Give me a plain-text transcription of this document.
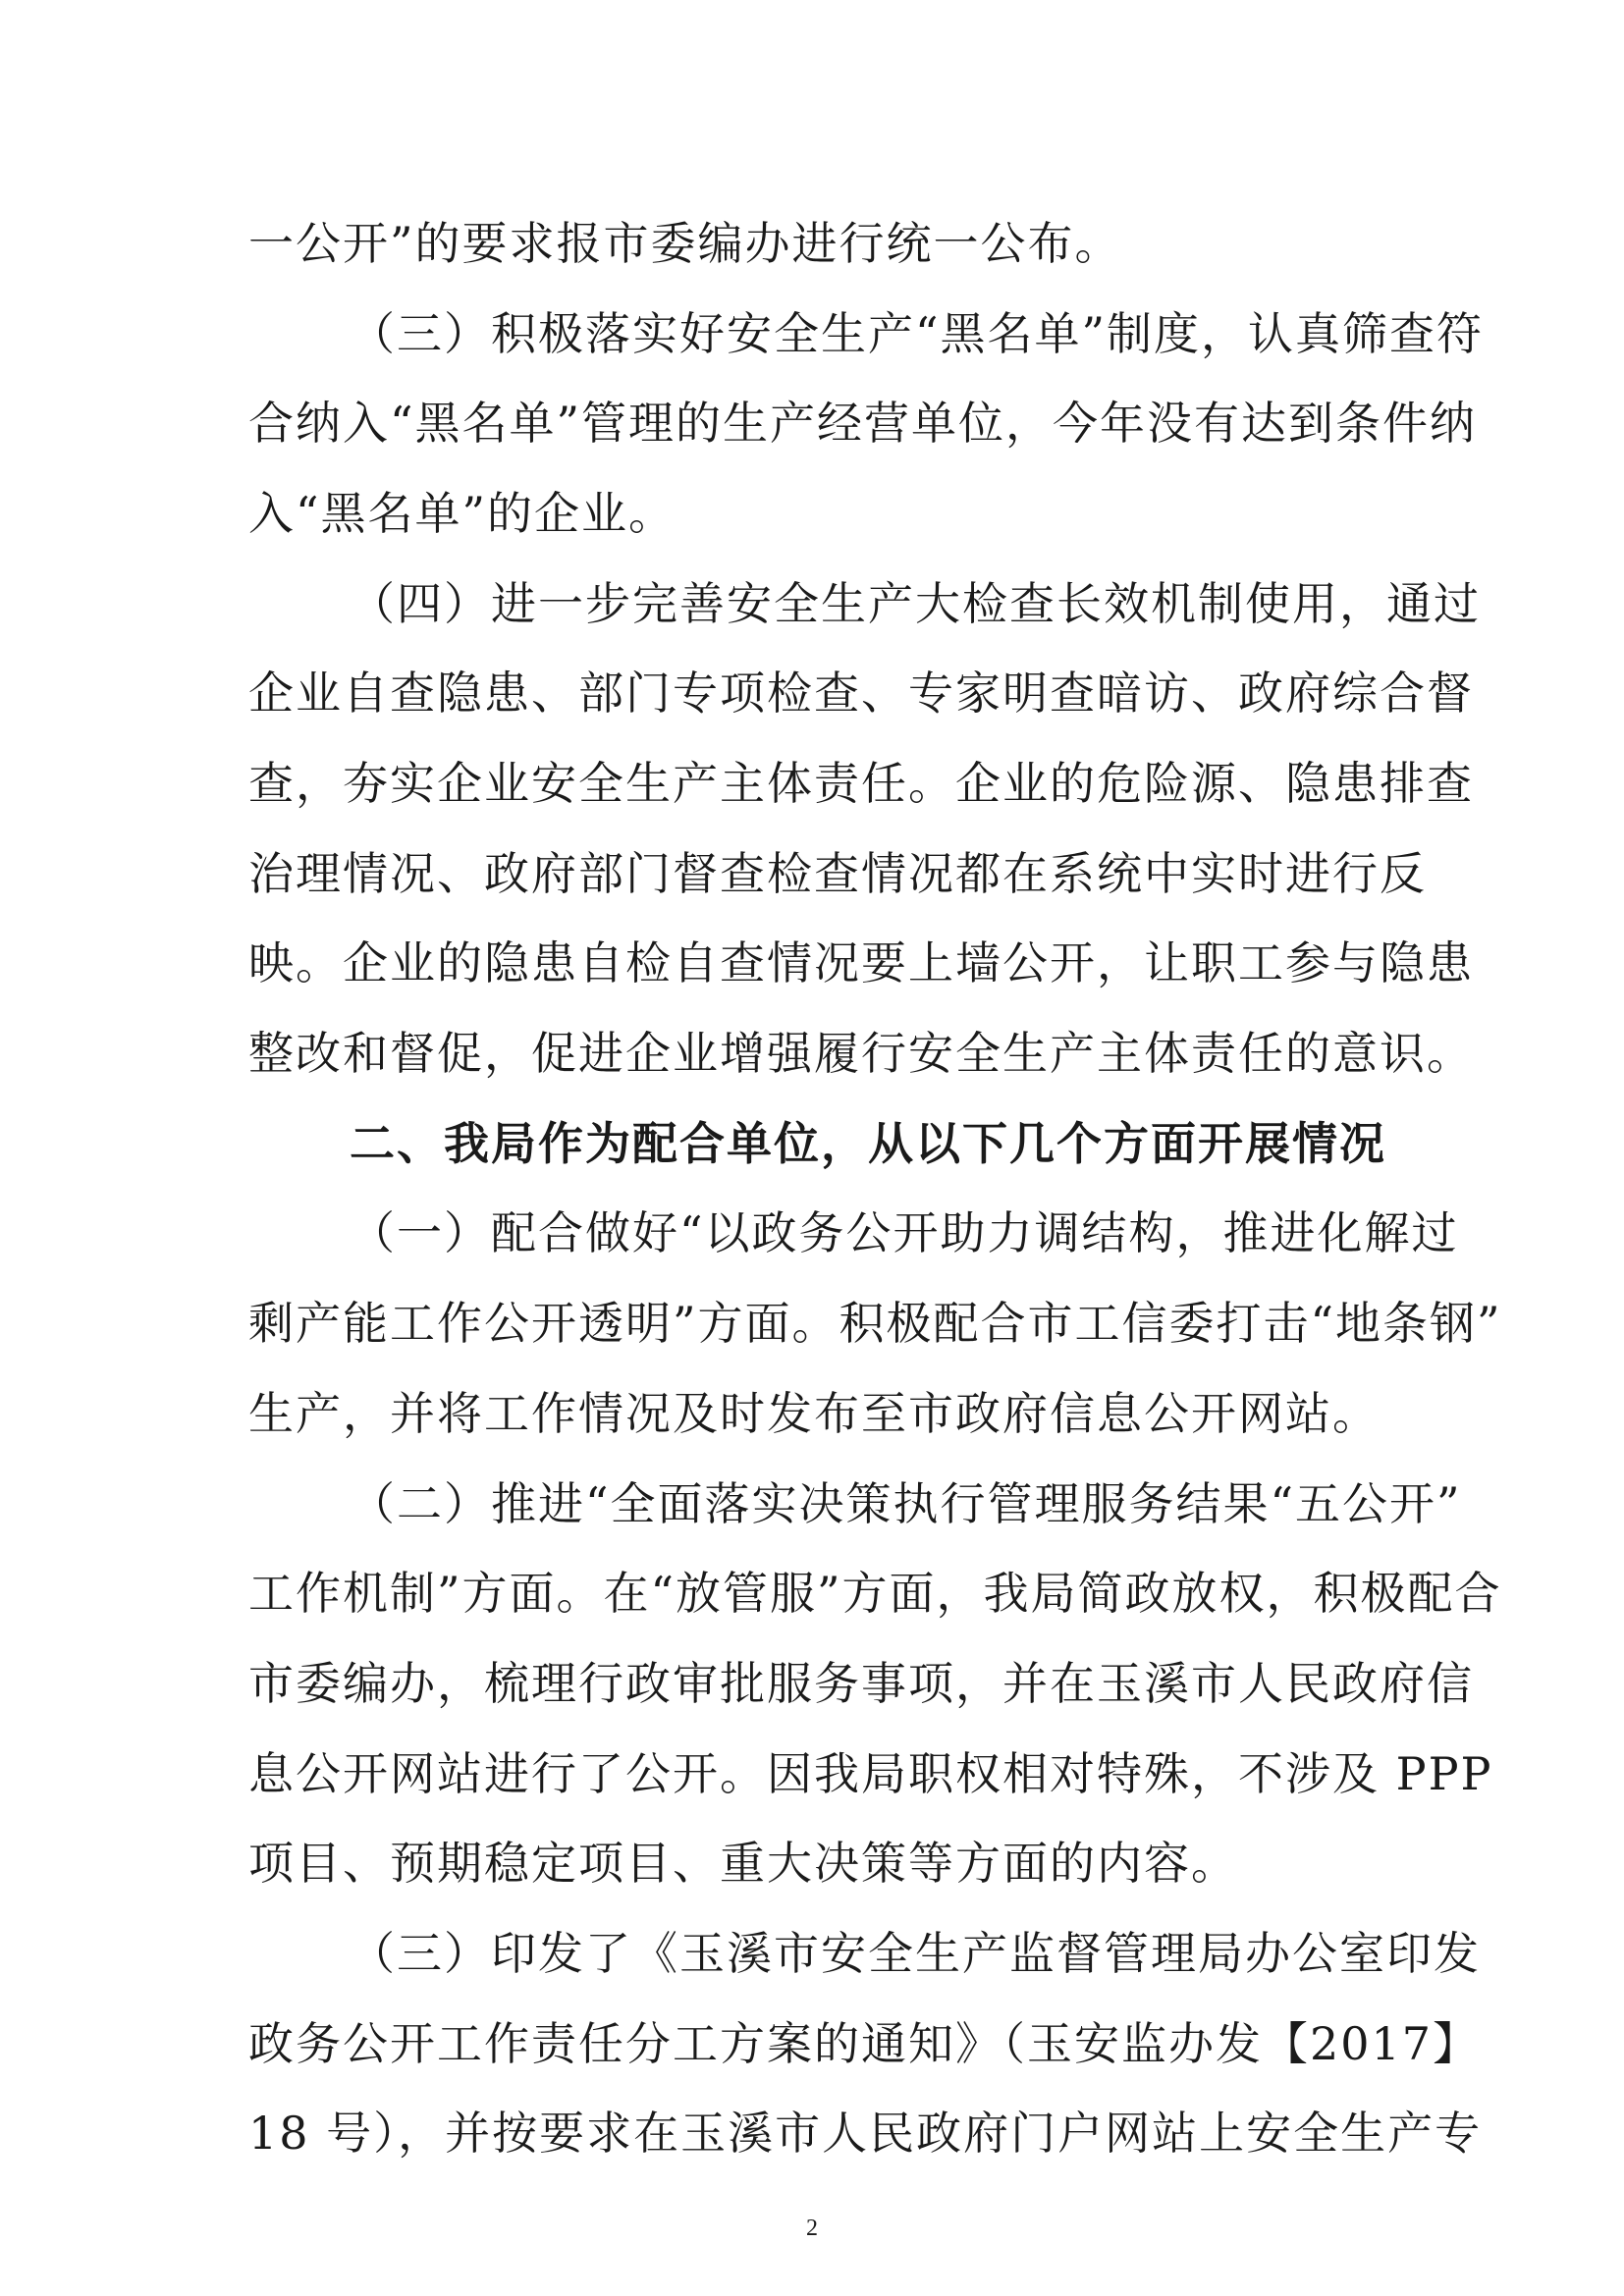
一公开”的要求报市委编办进行统一公布。
（三）积极落实好安全生产“黑名单”制度，认真筛查符
合纳入“黑名单”管理的生产经营单位，今年没有达到条件纳
入“黑名单”的企业。
（四）进一步完善安全生产大检查长效机制使用，通过
企业自查隐患、部门专项检查、专家明查暗访、政府综合督
查，夯实企业安全生产主体责任。企业的危险源、隐患排查
治理情况、政府部门督查检查情况都在系统中实时进行反
映。企业的隐患自检自查情况要上墙公开，让职工参与隐患
整改和督促，促进企业增强履行安全生产主体责任的意识。
二、我局作为配合单位，从以下几个方面开展情况
（一）配合做好“以政务公开助力调结构，推进化解过
剩产能工作公开透明”方面。积极配合市工信委打击“地条钢”
生产，并将工作情况及时发布至市政府信息公开网站。
（二）推进“全面落实决策执行管理服务结果“五公开”
工作机制”方面。在“放管服”方面，我局简政放权，积极配合
市委编办，梳理行政审批服务事项，并在玉溪市人民政府信
息公开网站进行了公开。因我局职权相对特殊，不涉及 PPP
项目、预期稳定项目、重大决策等方面的内容。
（三）印发了《玉溪市安全生产监督管理局办公室印发
2
政务公开工作责任分工方案的通知》（玉安监办发【2017】
18 号），并按要求在玉溪市人民政府门户网站上安全生产专
